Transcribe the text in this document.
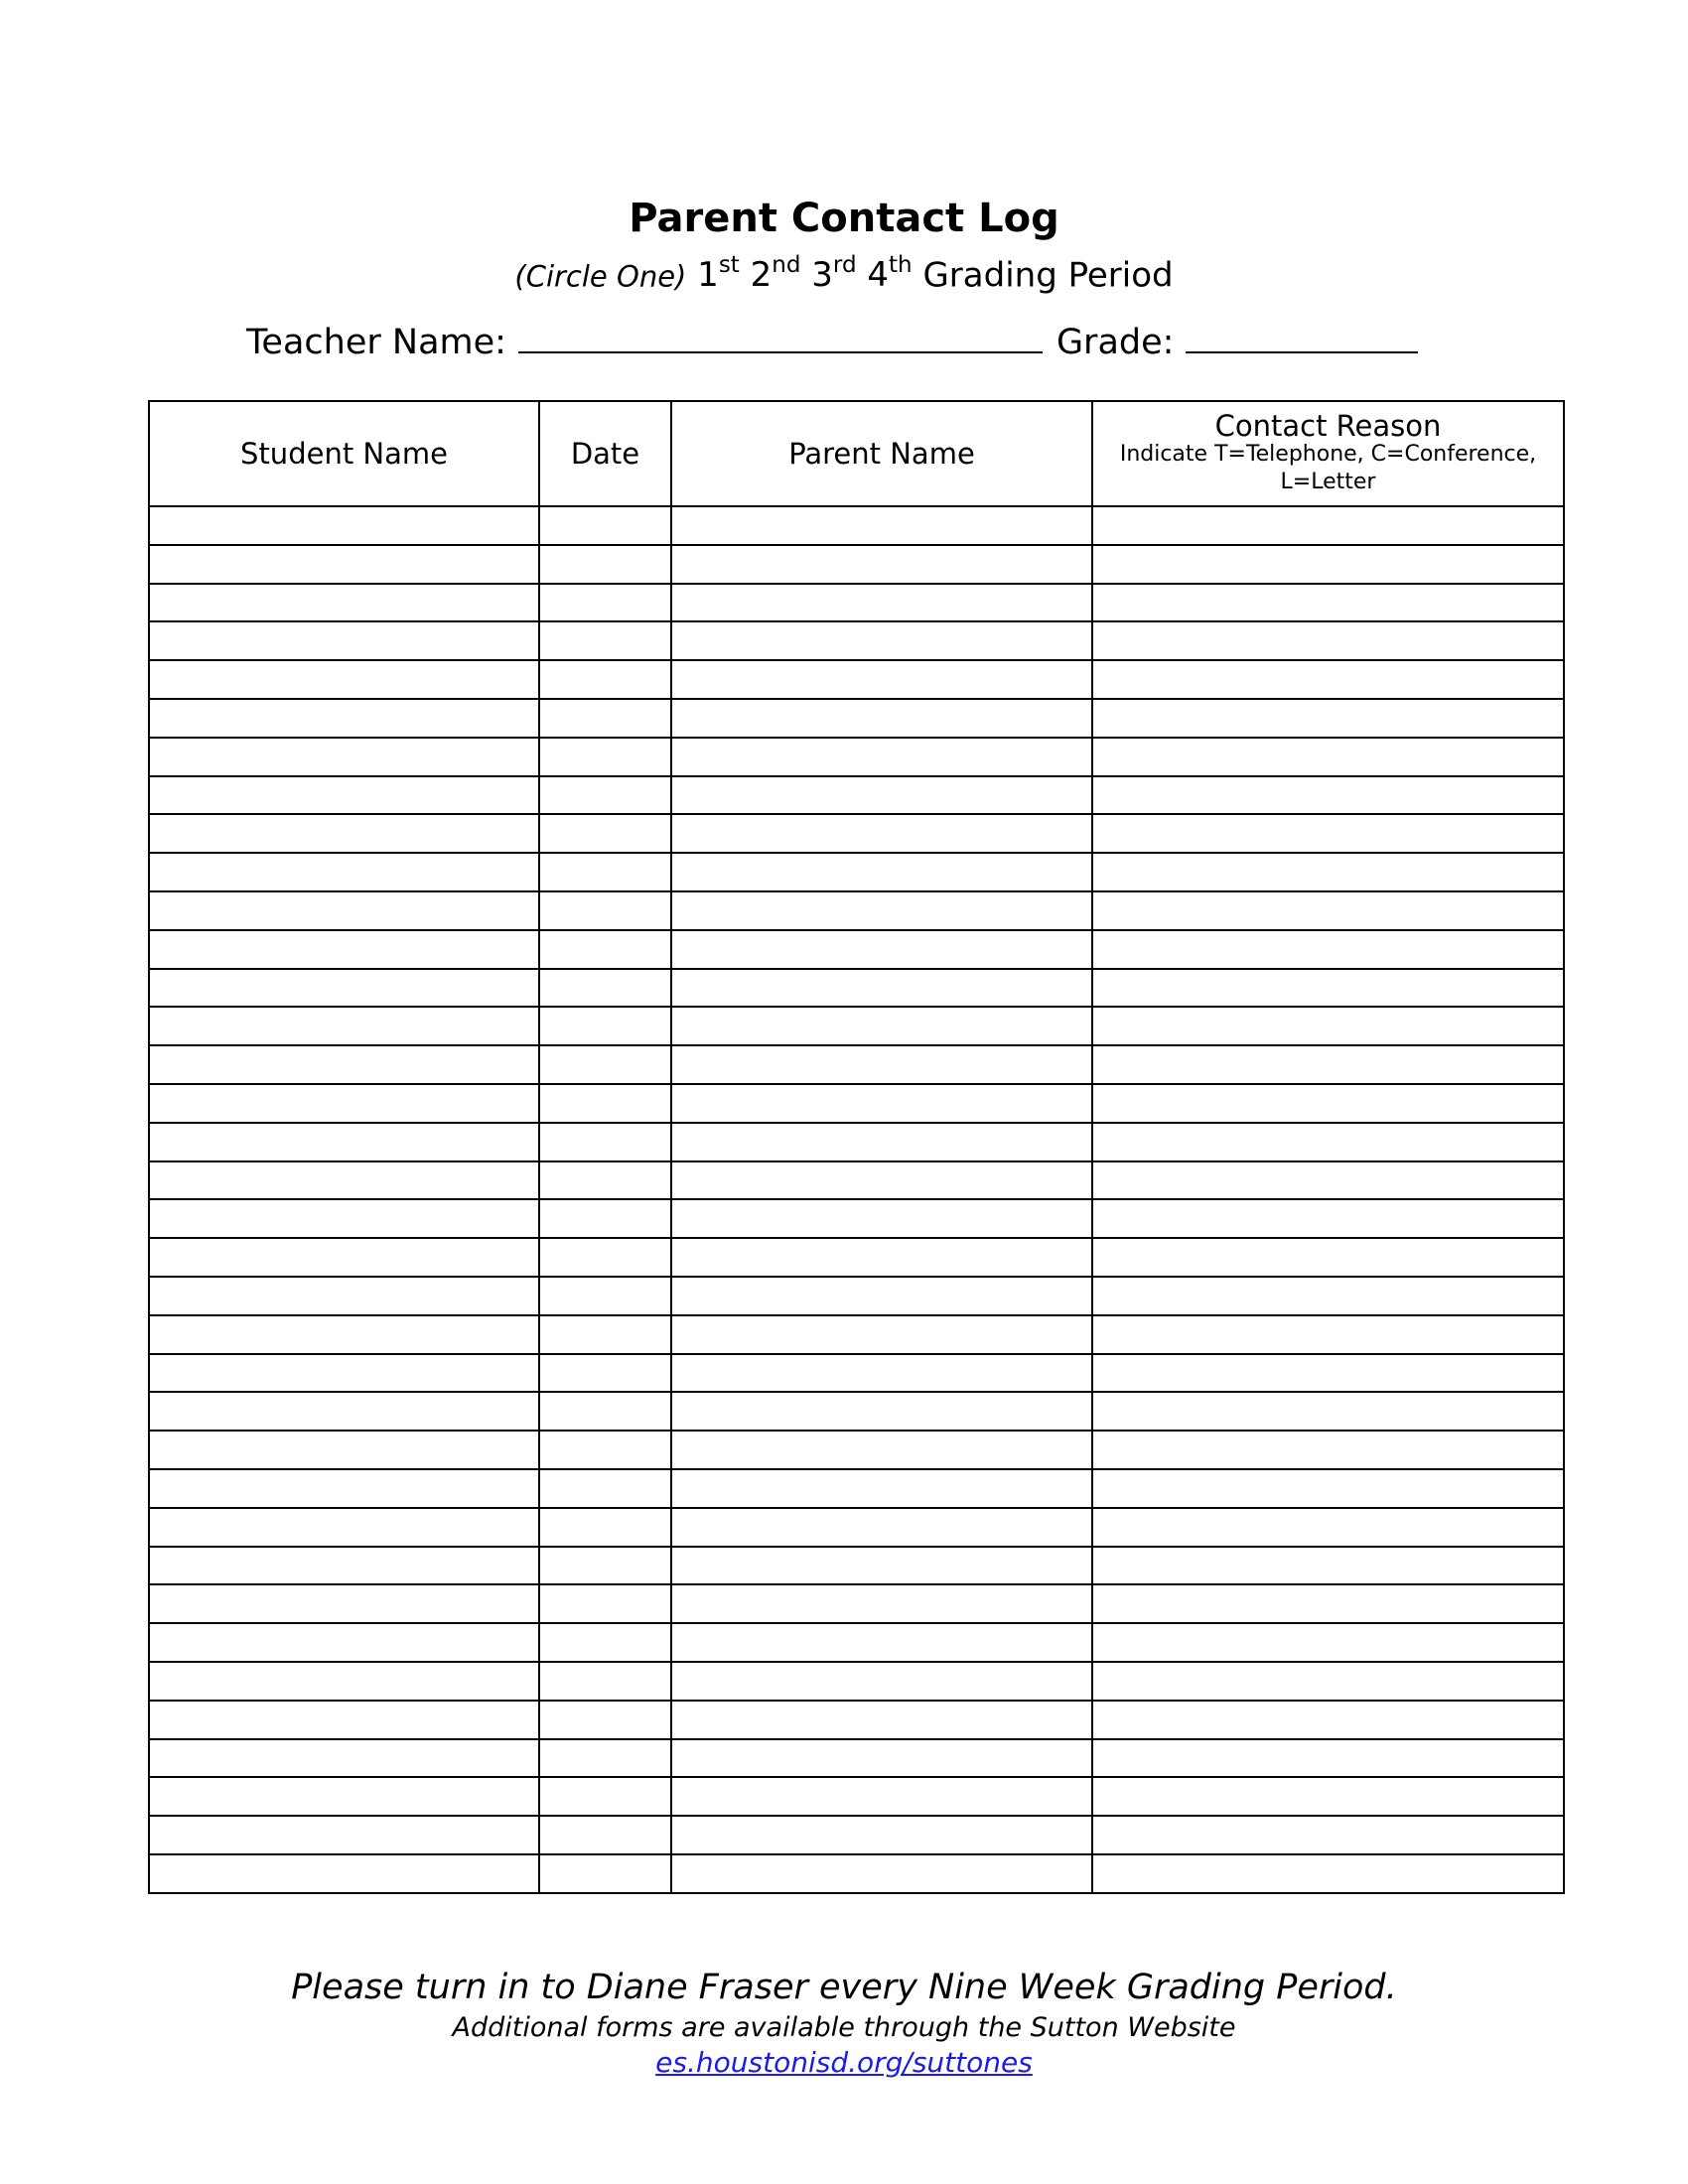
Parent Contact Log
(Circle One) 1st 2nd 3rd 4th Grading Period
Teacher Name:	Grade:
Student Name	Date	Parent Name	Contact Reason
Indicate T=Telephone, C=Conference, L=Letter

Please turn in to Diane Fraser every Nine Week Grading Period.
Additional forms are available through the Sutton Website
es.houstonisd.org/suttones
